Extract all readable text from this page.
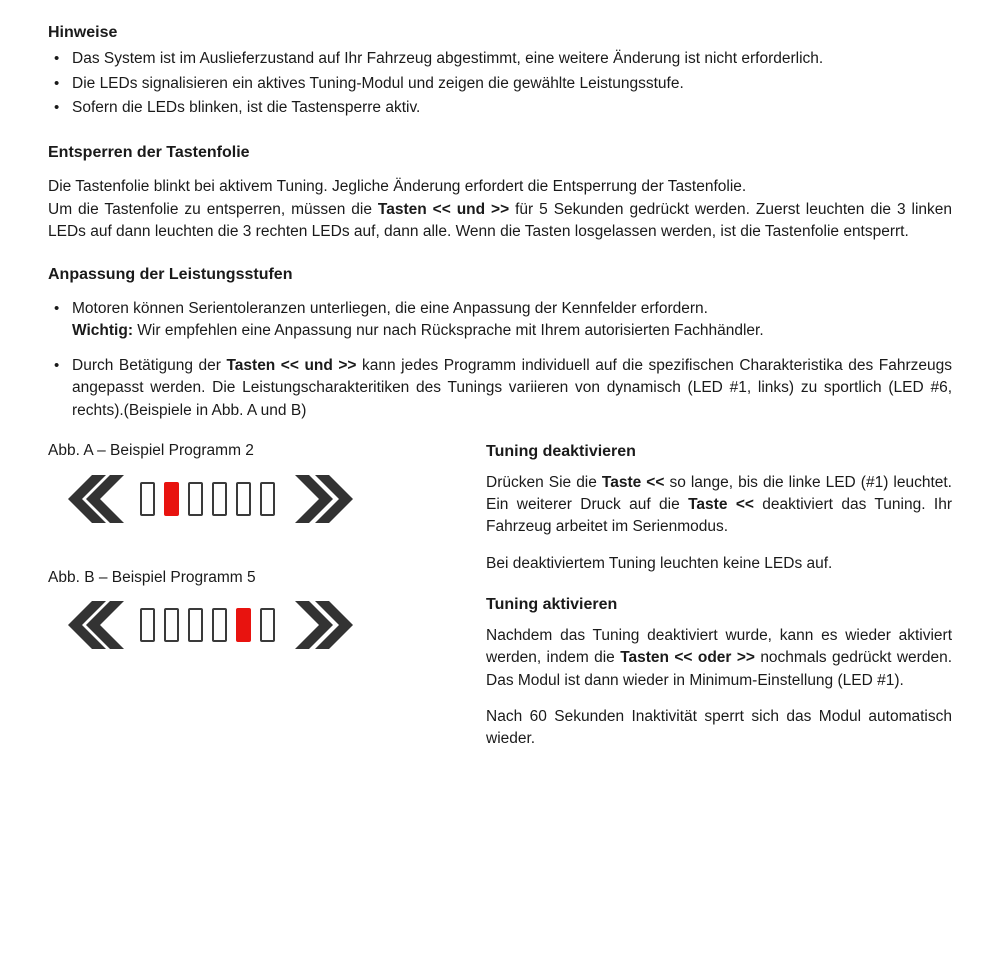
Hinweise
• Das System ist im Auslieferzustand auf Ihr Fahrzeug abgestimmt, eine weitere Änderung ist nicht erforderlich.
• Die LEDs signalisieren ein aktives Tuning-Modul und zeigen die gewählte Leistungsstufe.
• Sofern die LEDs blinken, ist die Tastensperre aktiv.
Entsperren der Tastenfolie

Die Tastenfolie blinkt bei aktivem Tuning. Jegliche Änderung erfordert die Entsperrung der Tastenfolie.

Um die Tastenfolie zu entsperren, müssen die Tasten << und >> für 5 Sekunden gedrückt werden. Zuerst leuchten die 3 linken LEDs auf dann leuchten die 3 rechten LEDs auf, dann alle. Wenn die Tasten losgelassen werden, ist die Tastenfolie entsperrt.

Anpassung der Leistungsstufen
• Motoren können Serientoleranzen unterliegen, die eine Anpassung der Kennfelder erfordern.
Wichtig: Wir empfehlen eine Anpassung nur nach Rücksprache mit Ihrem autorisierten Fachhändler.
• Durch Betätigung der Tasten << und >> kann jedes Programm individuell auf die spezifischen Charakteristika des Fahrzeugs angepasst werden. Die Leistungscharakteritiken des Tunings variieren von dynamisch (LED #1, links) zu sportlich (LED #6, rechts).(Beispiele in Abb. A und B)

Abb. A – Beispiel Programm 2

Abb. B – Beispiel Programm 5

Tuning deaktivieren

Drücken Sie die Taste << so lange, bis die linke LED (#1) leuchtet. Ein weiterer Druck auf die Taste << deaktiviert das Tuning. Ihr Fahrzeug arbeitet im Serienmodus.

Bei deaktiviertem Tuning leuchten keine LEDs auf.

Tuning aktivieren

Nachdem das Tuning deaktiviert wurde, kann es wieder aktiviert werden, indem die Tasten << oder >> nochmals gedrückt werden. Das Modul ist dann wieder in Minimum-Einstellung (LED #1).

Nach 60 Sekunden Inaktivität sperrt sich das Modul automatisch wieder.
